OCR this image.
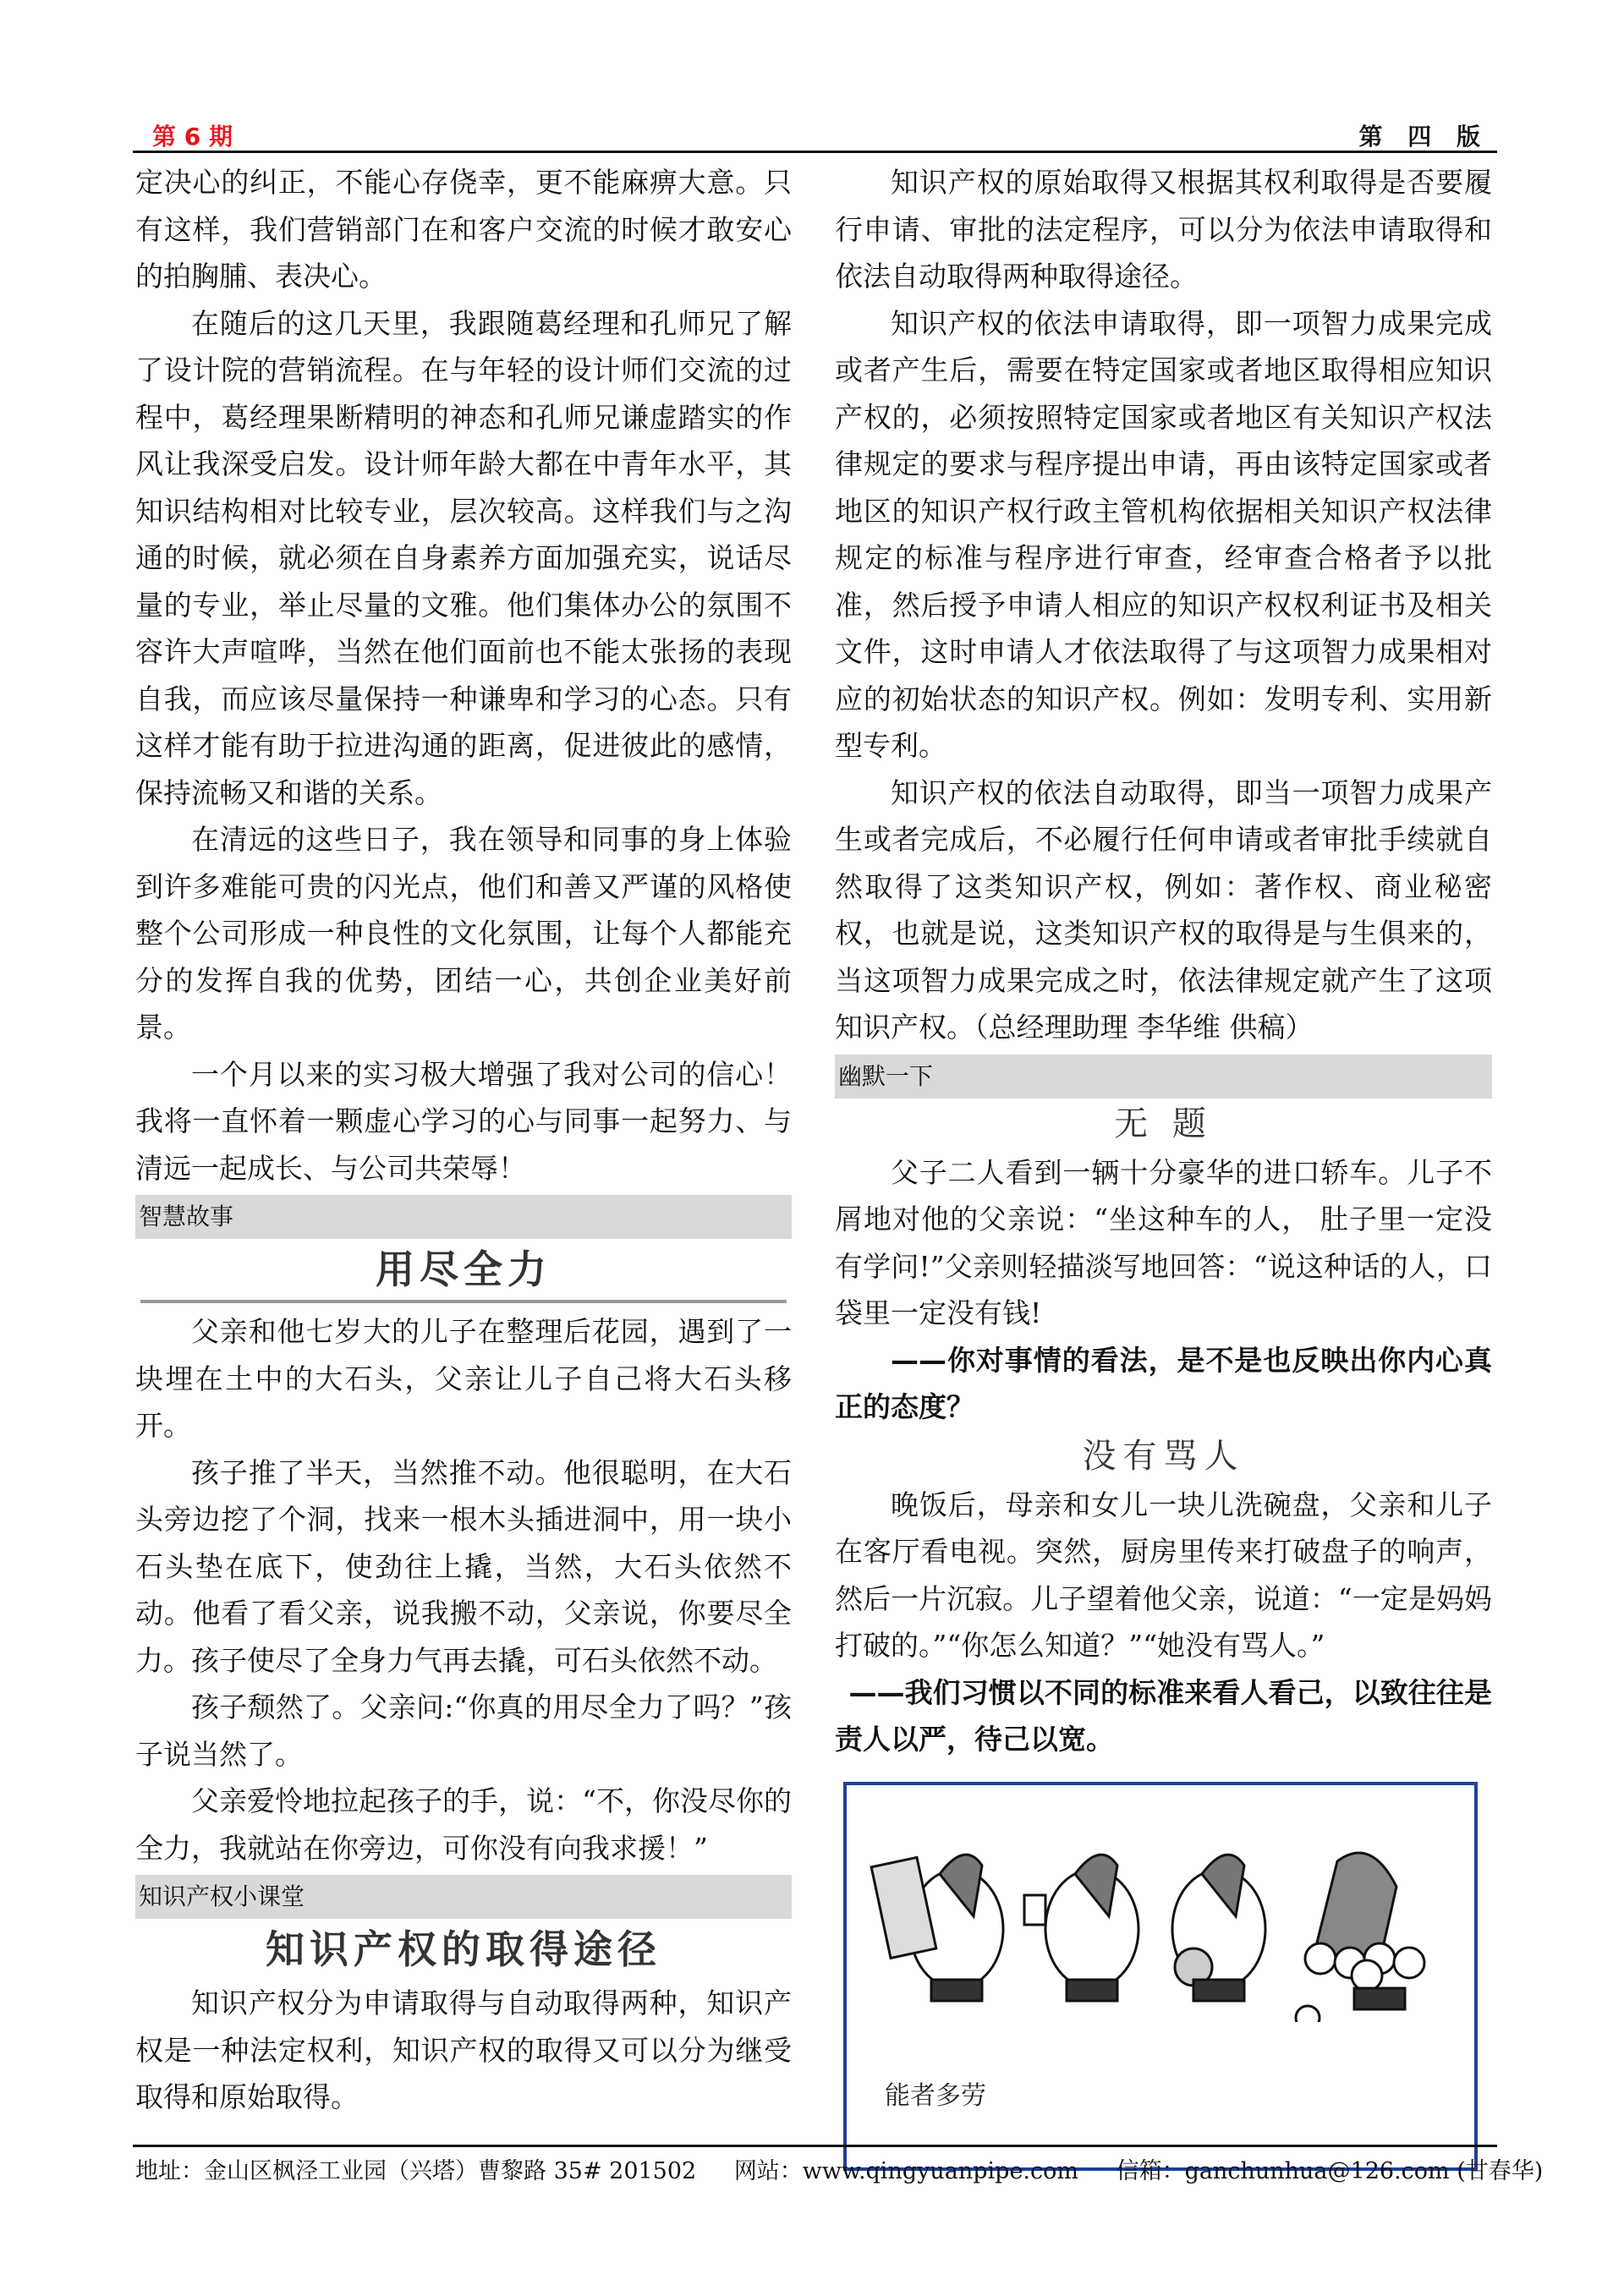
第 6 期	第 四 版

定决心的纠正，不能心存侥幸，更不能麻痹大意。只有这样，我们营销部门在和客户交流的时候才敢安心的拍胸脯、表决心。

在随后的这几天里，我跟随葛经理和孔师兄了解了设计院的营销流程。在与年轻的设计师们交流的过程中，葛经理果断精明的神态和孔师兄谦虚踏实的作风让我深受启发。设计师年龄大都在中青年水平，其知识结构相对比较专业，层次较高。这样我们与之沟通的时候，就必须在自身素养方面加强充实，说话尽量的专业，举止尽量的文雅。他们集体办公的氛围不容许大声喧哗，当然在他们面前也不能太张扬的表现自我，而应该尽量保持一种谦卑和学习的心态。只有这样才能有助于拉进沟通的距离，促进彼此的感情，保持流畅又和谐的关系。

在清远的这些日子，我在领导和同事的身上体验到许多难能可贵的闪光点，他们和善又严谨的风格使整个公司形成一种良性的文化氛围，让每个人都能充分的发挥自我的优势，团结一心，共创企业美好前景。

一个月以来的实习极大增强了我对公司的信心！我将一直怀着一颗虚心学习的心与同事一起努力、与清远一起成长、与公司共荣辱！

智慧故事
用尽全力

父亲和他七岁大的儿子在整理后花园，遇到了一块埋在土中的大石头，父亲让儿子自己将大石头移开。

孩子推了半天，当然推不动。他很聪明，在大石头旁边挖了个洞，找来一根木头插进洞中，用一块小石头垫在底下，使劲往上撬，当然，大石头依然不动。他看了看父亲，说我搬不动，父亲说，你要尽全力。孩子使尽了全身力气再去撬，可石头依然不动。

孩子颓然了。父亲问:“你真的用尽全力了吗？”孩子说当然了。

父亲爱怜地拉起孩子的手，说：“不，你没尽你的全力，我就站在你旁边，可你没有向我求援！”

知识产权小课堂
知识产权的取得途径

知识产权分为申请取得与自动取得两种，知识产权是一种法定权利，知识产权的取得又可以分为继受取得和原始取得。

知识产权的原始取得又根据其权利取得是否要履行申请、审批的法定程序，可以分为依法申请取得和依法自动取得两种取得途径。

知识产权的依法申请取得，即一项智力成果完成或者产生后，需要在特定国家或者地区取得相应知识产权的，必须按照特定国家或者地区有关知识产权法律规定的要求与程序提出申请，再由该特定国家或者地区的知识产权行政主管机构依据相关知识产权法律规定的标准与程序进行审查，经审查合格者予以批准，然后授予申请人相应的知识产权权利证书及相关文件，这时申请人才依法取得了与这项智力成果相对应的初始状态的知识产权。例如：发明专利、实用新型专利。

知识产权的依法自动取得，即当一项智力成果产生或者完成后，不必履行任何申请或者审批手续就自然取得了这类知识产权，例如：著作权、商业秘密权，也就是说，这类知识产权的取得是与生俱来的，当这项智力成果完成之时，依法律规定就产生了这项知识产权。（总经理助理 李华维 供稿）

幽默一下
无 题

父子二人看到一辆十分豪华的进口轿车。儿子不屑地对他的父亲说：“坐这种车的人， 肚子里一定没有学问!”父亲则轻描淡写地回答：“说这种话的人，口袋里一定没有钱!

——你对事情的看法，是不是也反映出你内心真正的态度？

没有骂人

晚饭后，母亲和女儿一块儿洗碗盘，父亲和儿子在客厅看电视。突然，厨房里传来打破盘子的响声，然后一片沉寂。儿子望着他父亲，说道：“一定是妈妈打破的。”“你怎么知道？”“她没有骂人。”

——我们习惯以不同的标准来看人看己，以致往往是责人以严，待己以宽。

能者多劳
地址：金山区枫泾工业园（兴塔）曹黎路 35# 201502 网站：www.qingyuanpipe.com 信箱：ganchunhua@126.com (甘春华)
